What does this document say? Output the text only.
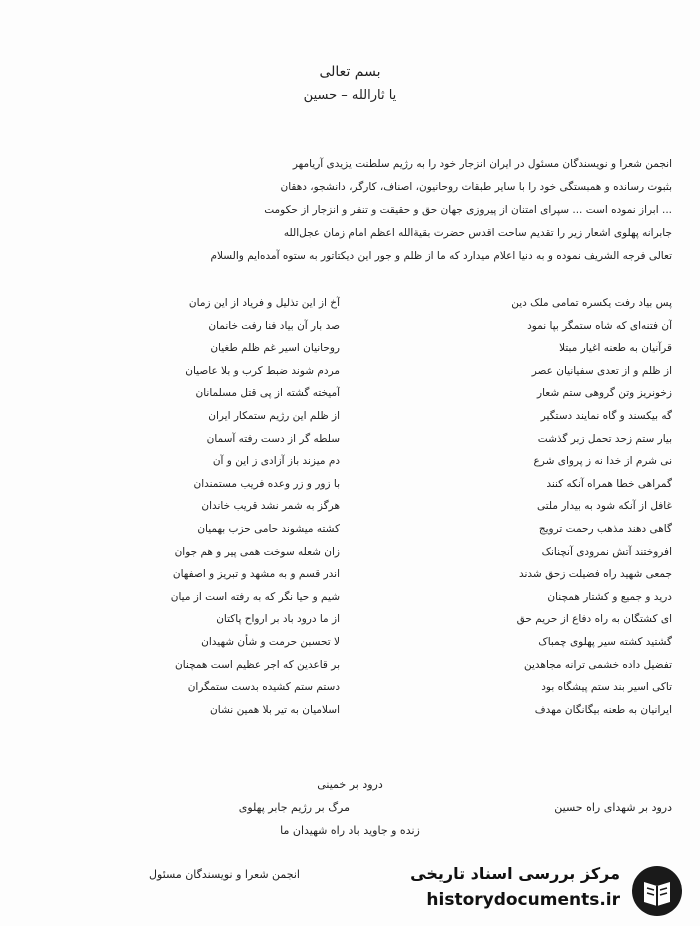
بسم تعالی
یا ثارالله – حسین
انجمن شعرا و نویسندگان مسئول در ایران انزجار خود را به رژیم سلطنت یزیدی آریامهر
بثبوت رسانده و همبستگی خود را با سایر طبقات روحانیون، اصناف، کارگر، دانشجو، دهقان
... ابراز نموده است ... سپرای امتنان از پیروزی جهان حق و حقیقت و تنفر و انزجار از حکومت
جابرانه پهلوی اشعار زیر را تقدیم ساحت اقدس حضرت بقیةالله اعظم امام زمان عجل‌الله
تعالی فرجه الشریف نموده و به دنیا اعلام میدارد که ما از ظلم و جور این دیکتاتور به ستوه آمده‌ایم والسلام
پس بیاد رفت یکسره تمامی ملک دین
آن فتنه‌ای که شاه ستمگر بپا نمود
قرآنیان به طعنه اغیار مبتلا
از ظلم و از تعدی سفیانیان عصر
زخونریز وتن گروهی ستم شعار
گه بیکسند و گاه نمایند دستگیر
بیار ستم زحد تحمل زبر گذشت
نی شرم از خدا نه ز پروای شرع
گمراهی خطا همراه آنکه کنند
غافل از آنکه شود به بیدار ملتی
گاهی دهند مذهب رحمت ترویج
افروختند آتش نمرودی آنچنانک
جمعی شهید راه فضیلت زحق شدند
درید و جمیع و کشتار همچنان
ای کشتگان به راه دفاع از حریم حق
گشتید کشته سیر پهلوی چمباک
تفضیل داده خشمی ترانه مجاهدین
تاکی اسیر بند ستم پیشگاه بود
ایرانیان به طعنه بیگانگان مهدف
آخ از این تذلیل و فریاد از این زمان
صد بار آن بیاد فنا رفت خانمان
روحانیان اسیر غم ظلم طغیان
مردم شوند ضبط کرب و بلا عاصیان
آمیخته گشته از پی قتل مسلمانان
از ظلم این رژیم ستمکار ایران
سلطه گر از دست رفته آسمان
دم میزند باز آزادی ز این و آن
با زور و زر وعده فریب مستمندان
هرگز به شمر نشد قریب خاندان
کشته میشوند حامی حزب بهمیان
زان شعله سوخت همی پیر و هم جوان
اندر قسم و به مشهد و تبریز و اصفهان
شیم و حیا نگر که به رفته است از میان
از ما درود باد بر ارواح پاکتان
لا تحسبن حرمت و شأن شهیدان
بر قاعدین که اجر عظیم است همچنان
دستم ستم کشیده بدست ستمگران
اسلامیان به تیر بلا همین نشان
درود بر خمینی
درود بر شهدای راه حسین
مرگ بر رژیم جابر پهلوی
زنده و جاوید باد راه شهیدان ما
انجمن شعرا و نویسندگان مسئول	مرکز بررسی اسناد تاریخی
historydocuments.ir
